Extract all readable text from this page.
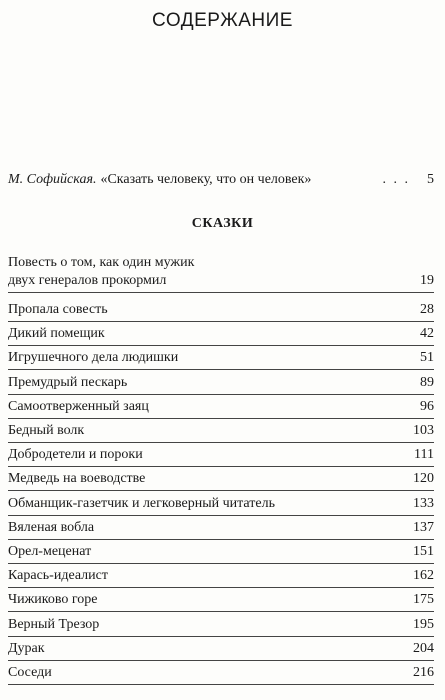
СОДЕРЖАНИЕ
М. Софийская. «Сказать человеку, что он человек»	. . .	5
СКАЗКИ
Повесть о том, как один мужик
двух генералов прокормил	19
Пропала совесть	28
Дикий помещик	42
Игрушечного дела людишки	51
Премудрый пескарь	89
Самоотверженный заяц	96
Бедный волк	103
Добродетели и пороки	111
Медведь на воеводстве	120
Обманщик-газетчик и легковерный читатель	133
Вяленая вобла	137
Орел-меценат	151
Карась-идеалист	162
Чижиково горе	175
Верный Трезор	195
Дурак	204
Соседи	216
